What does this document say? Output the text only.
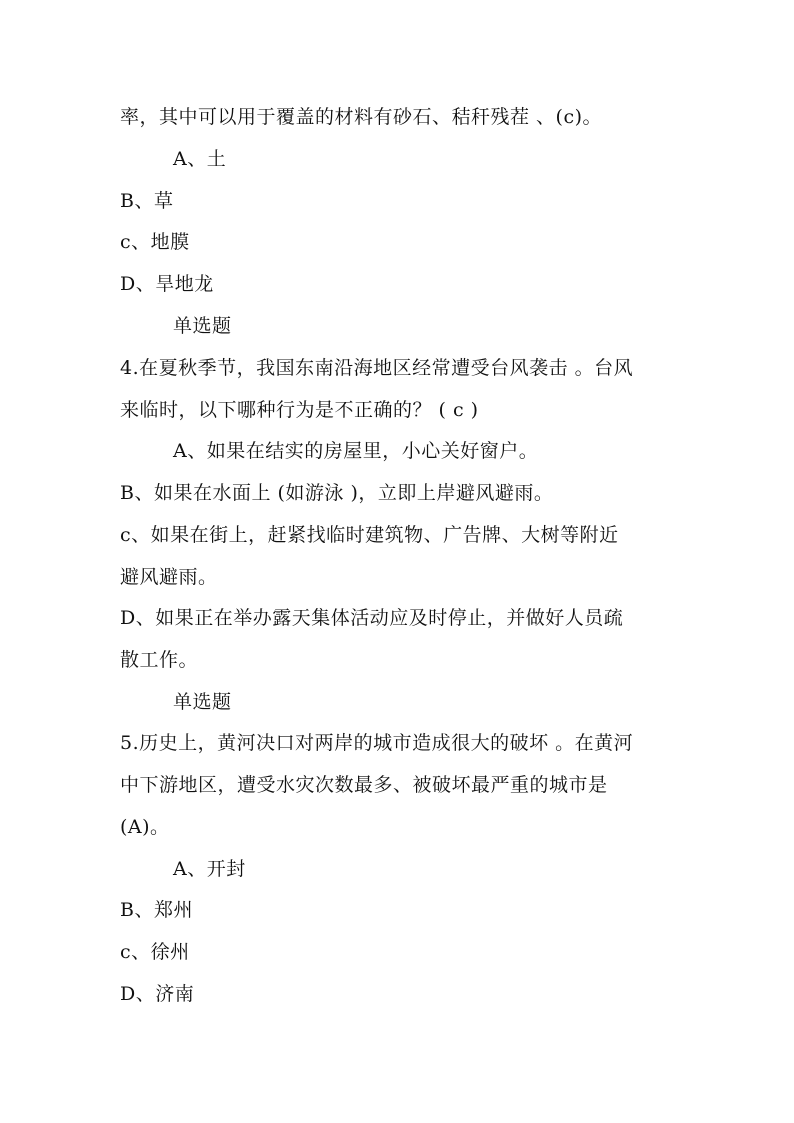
率，其中可以用于覆盖的材料有砂石、秸秆残茬 、(c)。
A、土
B、草
c、地膜
D、旱地龙
单选题
4.在夏秋季节，我国东南沿海地区经常遭受台风袭击 。台风
来临时，以下哪种行为是不正确的？ ( c )
A、如果在结实的房屋里，小心关好窗户。
B、如果在水面上 (如游泳 )，立即上岸避风避雨。
c、如果在街上，赶紧找临时建筑物、广告牌、大树等附近
避风避雨。
D、如果正在举办露天集体活动应及时停止，并做好人员疏
散工作。
单选题
5.历史上，黄河决口对两岸的城市造成很大的破坏 。在黄河
中下游地区，遭受水灾次数最多、被破坏最严重的城市是
(A)。
A、开封
B、郑州
c、徐州
D、济南
